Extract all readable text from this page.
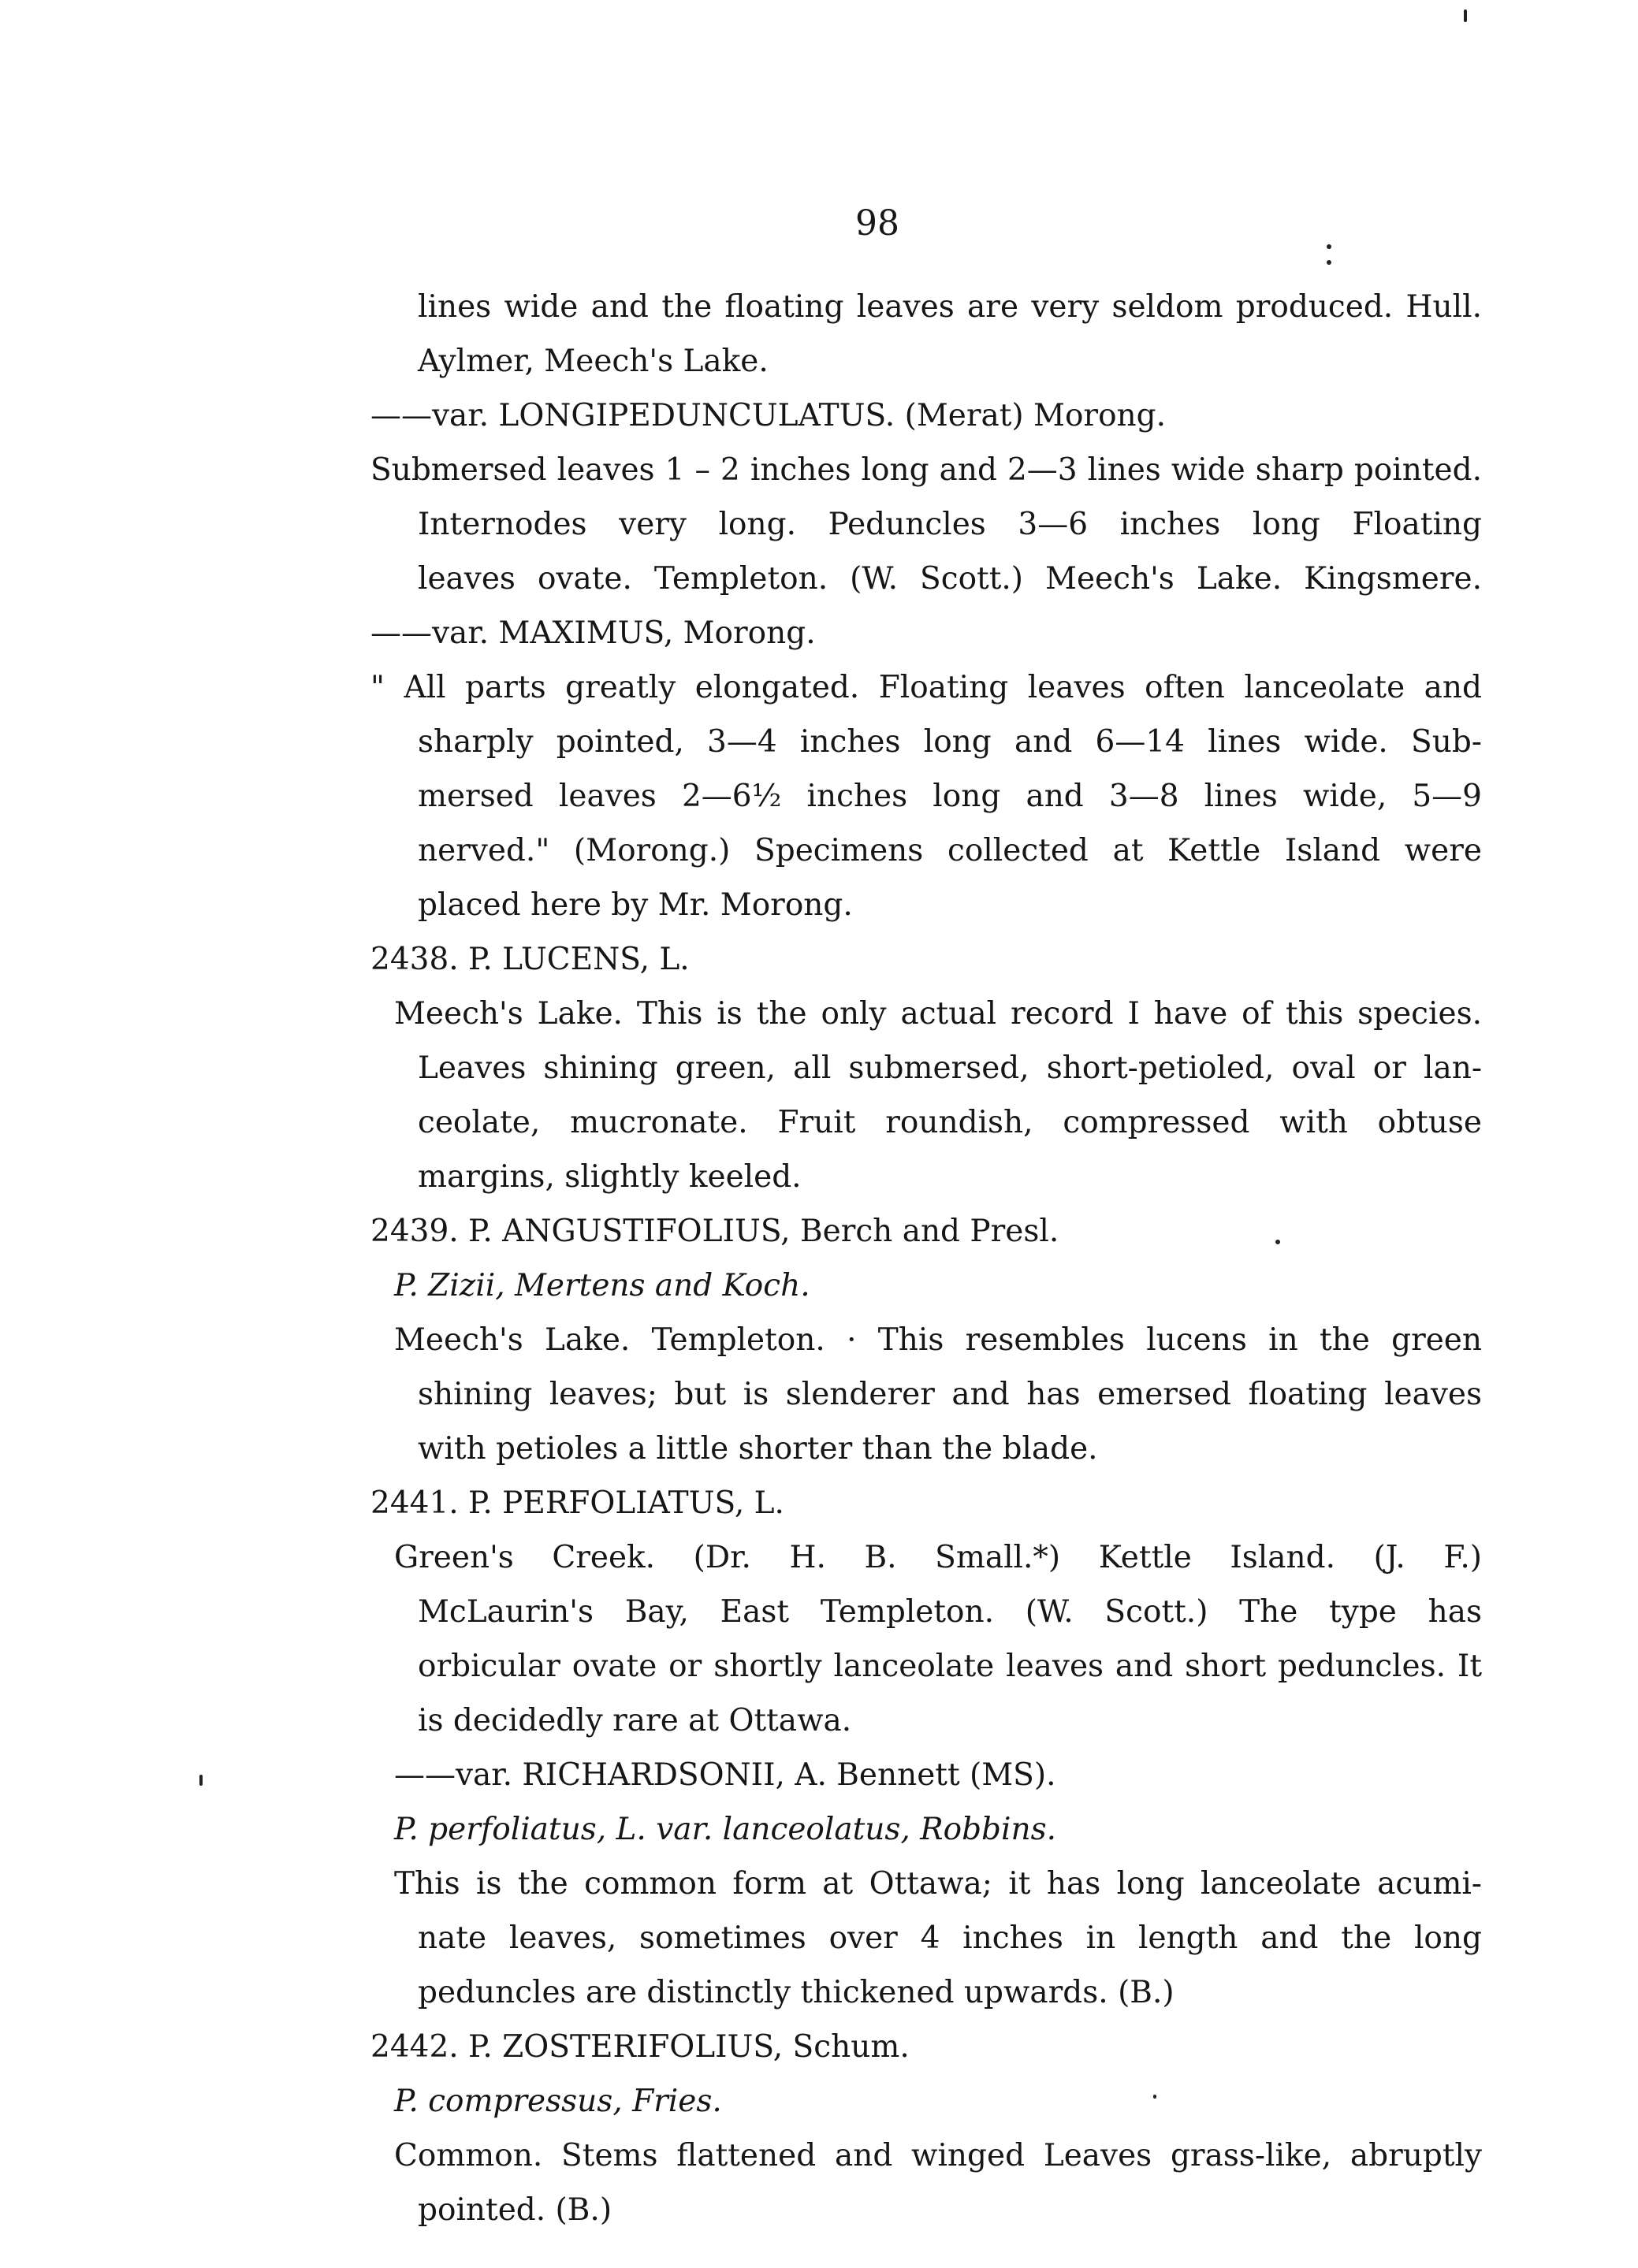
98
lines wide and the floating leaves are very seldom produced. Hull.
Aylmer, Meech's Lake.
——var. LONGIPEDUNCULATUS. (Merat) Morong.
Submersed leaves 1 – 2 inches long and 2—3 lines wide sharp pointed.
Internodes very long. Peduncles 3—6 inches long Floating
leaves ovate. Templeton. (W. Scott.) Meech's Lake. Kingsmere.
——var. MAXIMUS, Morong.
" All parts greatly elongated. Floating leaves often lanceolate and
sharply pointed, 3—4 inches long and 6—14 lines wide. Sub-
mersed leaves 2—6½ inches long and 3—8 lines wide, 5—9
nerved." (Morong.) Specimens collected at Kettle Island were
placed here by Mr. Morong.
2438. P. LUCENS, L.
Meech's Lake. This is the only actual record I have of this species.
Leaves shining green, all submersed, short-petioled, oval or lan-
ceolate, mucronate. Fruit roundish, compressed with obtuse
margins, slightly keeled.
2439. P. ANGUSTIFOLIUS, Berch and Presl.
P. Zizii, Mertens and Koch.
Meech's Lake. Templeton. · This resembles lucens in the green
shining leaves; but is slenderer and has emersed floating leaves
with petioles a little shorter than the blade.
2441. P. PERFOLIATUS, L.
Green's Creek. (Dr. H. B. Small.*) Kettle Island. (J. F.)
McLaurin's Bay, East Templeton. (W. Scott.) The type has
orbicular ovate or shortly lanceolate leaves and short peduncles. It
is decidedly rare at Ottawa.
——var. RICHARDSONII, A. Bennett (MS).
P. perfoliatus, L. var. lanceolatus, Robbins.
This is the common form at Ottawa; it has long lanceolate acumi-
nate leaves, sometimes over 4 inches in length and the long
peduncles are distinctly thickened upwards. (B.)
2442. P. ZOSTERIFOLIUS, Schum.
P. compressus, Fries.
Common. Stems flattened and winged Leaves grass-like, abruptly
pointed. (B.)
